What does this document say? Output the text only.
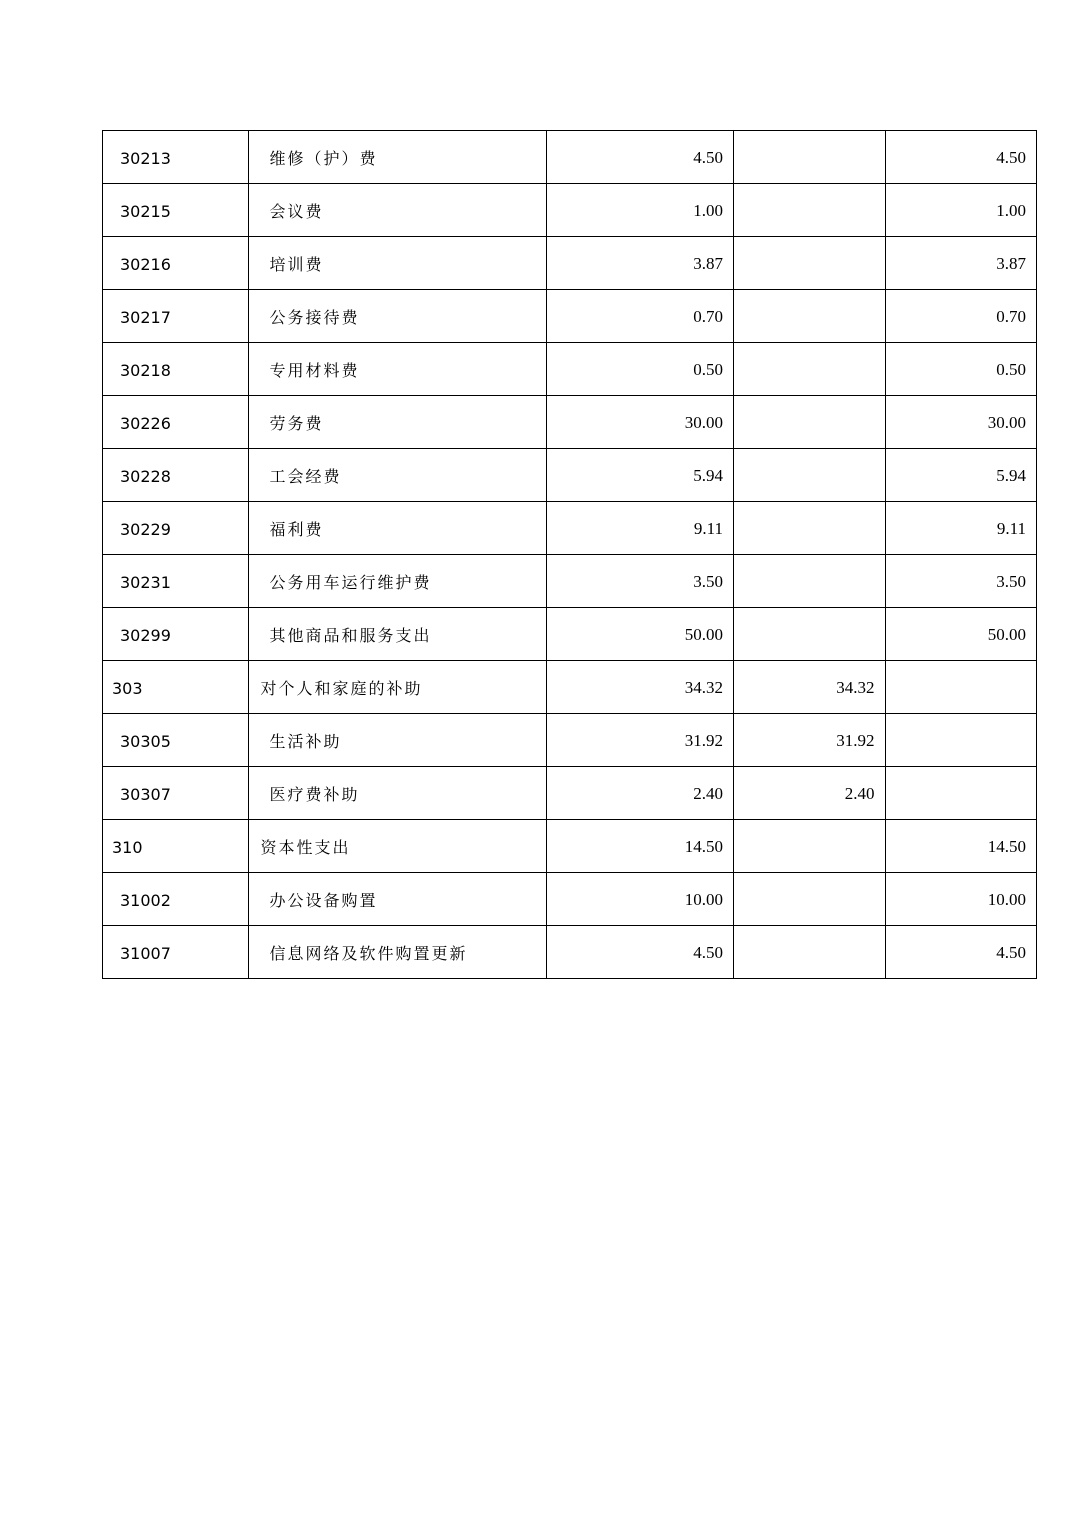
30213	维修（护）费	4.50		4.50
30215	会议费	1.00		1.00
30216	培训费	3.87		3.87
30217	公务接待费	0.70		0.70
30218	专用材料费	0.50		0.50
30226	劳务费	30.00		30.00
30228	工会经费	5.94		5.94
30229	福利费	9.11		9.11
30231	公务用车运行维护费	3.50		3.50
30299	其他商品和服务支出	50.00		50.00
303	对个人和家庭的补助	34.32	34.32	
30305	生活补助	31.92	31.92	
30307	医疗费补助	2.40	2.40	
310	资本性支出	14.50		14.50
31002	办公设备购置	10.00		10.00
31007	信息网络及软件购置更新	4.50		4.50
